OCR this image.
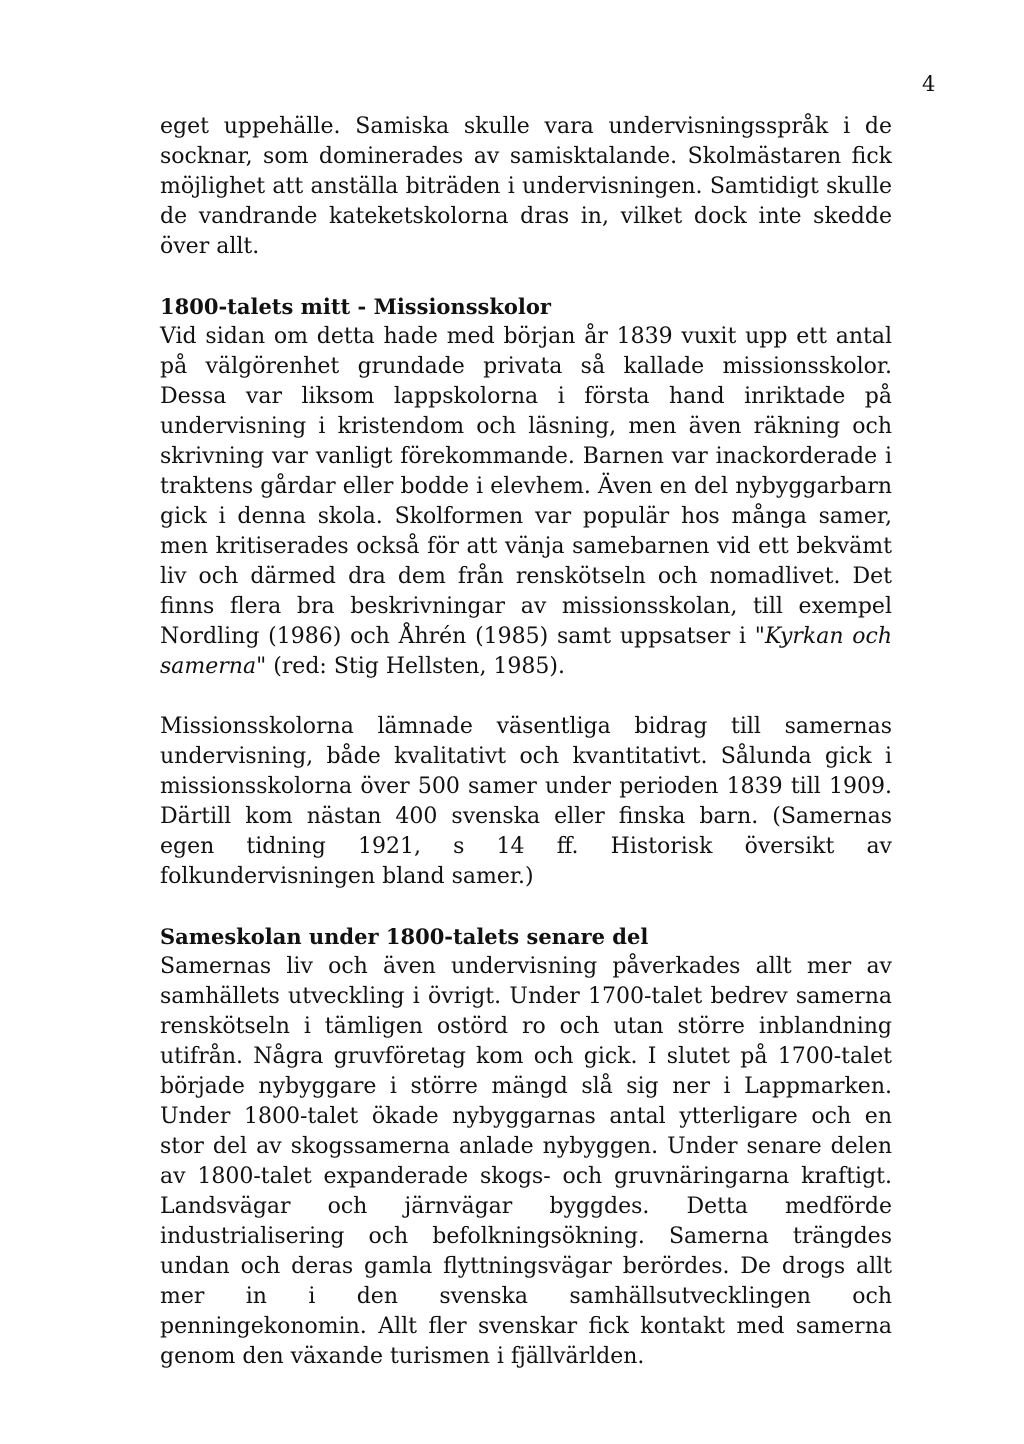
4

eget uppehälle. Samiska skulle vara undervisningsspråk i de socknar, som dominerades av samisktalande. Skolmästaren fick möjlighet att anställa biträden i undervisningen. Samtidigt skulle de vandrande kateketskolorna dras in, vilket dock inte skedde över allt.

1800-talets mitt - Missionsskolor

Vid sidan om detta hade med början år 1839 vuxit upp ett antal på välgörenhet grundade privata så kallade missionsskolor. Dessa var liksom lappskolorna i första hand inriktade på undervisning i kristendom och läsning, men även räkning och skrivning var vanligt förekommande. Barnen var inackorderade i traktens gårdar eller bodde i elevhem. Även en del nybyggarbarn gick i denna skola. Skolformen var populär hos många samer, men kritiserades också för att vänja samebarnen vid ett bekvämt liv och därmed dra dem från renskötseln och nomadlivet. Det finns flera bra beskrivningar av missionsskolan, till exempel Nordling (1986) och Åhrén (1985) samt uppsatser i "Kyrkan och samerna" (red: Stig Hellsten, 1985).

Missionsskolorna lämnade väsentliga bidrag till samernas undervisning, både kvalitativt och kvantitativt. Sålunda gick i missionsskolorna över 500 samer under perioden 1839 till 1909. Därtill kom nästan 400 svenska eller finska barn. (Samernas egen tidning 1921, s 14 ff. Historisk översikt av folkundervisningen bland samer.)

Sameskolan under 1800-talets senare del

Samernas liv och även undervisning påverkades allt mer av samhällets utveckling i övrigt. Under 1700-talet bedrev samerna renskötseln i tämligen ostörd ro och utan större inblandning utifrån. Några gruvföretag kom och gick. I slutet på 1700-talet började nybyggare i större mängd slå sig ner i Lappmarken. Under 1800-talet ökade nybyggarnas antal ytterligare och en stor del av skogssamerna anlade nybyggen. Under senare delen av 1800-talet expanderade skogs- och gruvnäringarna kraftigt. Landsvägar och järnvägar byggdes. Detta medförde industrialisering och befolkningsökning. Samerna trängdes undan och deras gamla flyttningsvägar berördes. De drogs allt mer in i den svenska samhällsutvecklingen och penningekonomin. Allt fler svenskar fick kontakt med samerna genom den växande turismen i fjällvärlden.
